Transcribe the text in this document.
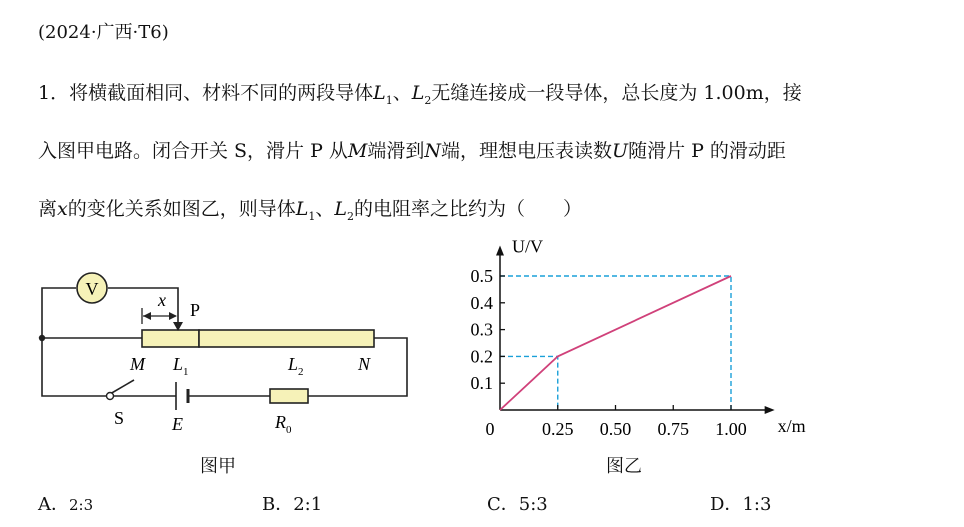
(2024·广西·T6)
1．将横截面相同、材料不同的两段导体$L_1$、$L_2$无缝连接成一段导体，总长度为 1.00m，接
入图甲电路。闭合开关 S，滑片 P 从M端滑到N端，理想电压表读数U随滑片 P 的滑动距
离x的变化关系如图乙，则导体$L_1$、$L_2$的电阻率之比约为（　　）
V
P
x
M $L_1$	$L_2$	N
S	E	$R_0$
图甲
0.25 0.50 0.75 1.00
0.1
0.2
0.3
0.4
0.5
0
U/V
x/m
图乙
A．2:3	B．2:1	C．5:3	D．1:3
